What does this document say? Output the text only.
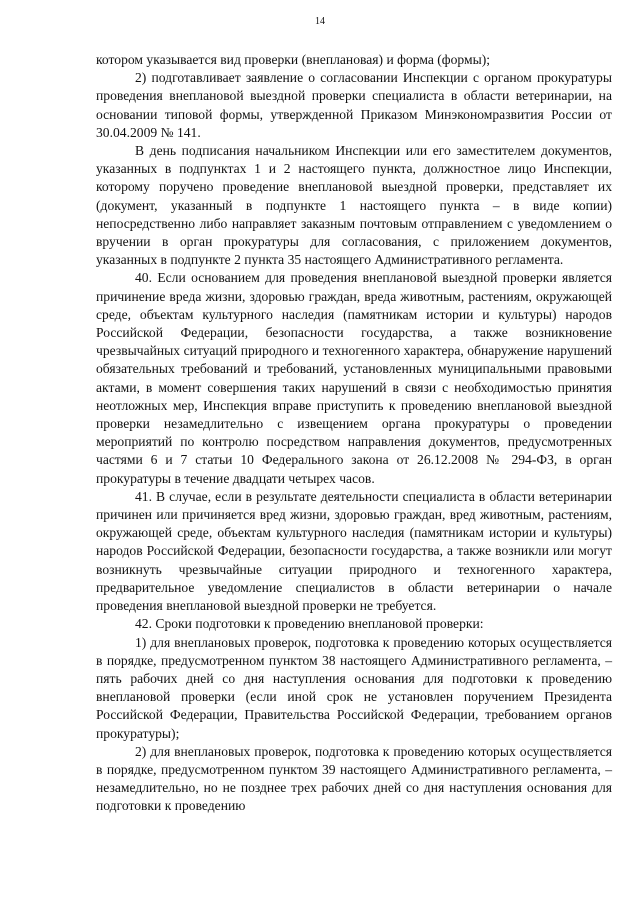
14

котором указывается вид проверки (внеплановая) и форма (формы);

2) подготавливает заявление о согласовании Инспекции с органом прокуратуры проведения внеплановой выездной проверки специалиста в области ветеринарии, на основании типовой формы, утвержденной Приказом Минэкономразвития России от 30.04.2009 № 141.

В день подписания начальником Инспекции или его заместителем документов, указанных в подпунктах 1 и 2 настоящего пункта, должностное лицо Инспекции, которому поручено проведение внеплановой выездной проверки, представляет их (документ, указанный в подпункте 1 настоящего пункта – в виде копии) непосредственно либо направляет заказным почтовым отправлением с уведомлением о вручении в орган прокуратуры для согласования, с приложением документов, указанных в подпункте 2 пункта 35 настоящего Административного регламента.

40. Если основанием для проведения внеплановой выездной проверки является причинение вреда жизни, здоровью граждан, вреда животным, растениям, окружающей среде, объектам культурного наследия (памятникам истории и культуры) народов Российской Федерации, безопасности государства, а также возникновение чрезвычайных ситуаций природного и техногенного характера, обнаружение нарушений обязательных требований и требований, установленных муниципальными правовыми актами, в момент совершения таких нарушений в связи с необходимостью принятия неотложных мер, Инспекция вправе приступить к проведению внеплановой выездной проверки незамедлительно с извещением органа прокуратуры о проведении мероприятий по контролю посредством направления документов, предусмотренных частями 6 и 7 статьи 10 Федерального закона от 26.12.2008 № 294-ФЗ, в орган прокуратуры в течение двадцати четырех часов.

41. В случае, если в результате деятельности специалиста в области ветеринарии причинен или причиняется вред жизни, здоровью граждан, вред животным, растениям, окружающей среде, объектам культурного наследия (памятникам истории и культуры) народов Российской Федерации, безопасности государства, а также возникли или могут возникнуть чрезвычайные ситуации природного и техногенного характера, предварительное уведомление специалистов в области ветеринарии о начале проведения внеплановой выездной проверки не требуется.

42. Сроки подготовки к проведению внеплановой проверки:

1) для внеплановых проверок, подготовка к проведению которых осуществляется в порядке, предусмотренном пунктом 38 настоящего Административного регламента, – пять рабочих дней со дня наступления основания для подготовки к проведению внеплановой проверки (если иной срок не установлен поручением Президента Российской Федерации, Правительства Российской Федерации, требованием органов прокуратуры);

2) для внеплановых проверок, подготовка к проведению которых осуществляется в порядке, предусмотренном пунктом 39 настоящего Административного регламента, – незамедлительно, но не позднее трех рабочих дней со дня наступления основания для подготовки к проведению
